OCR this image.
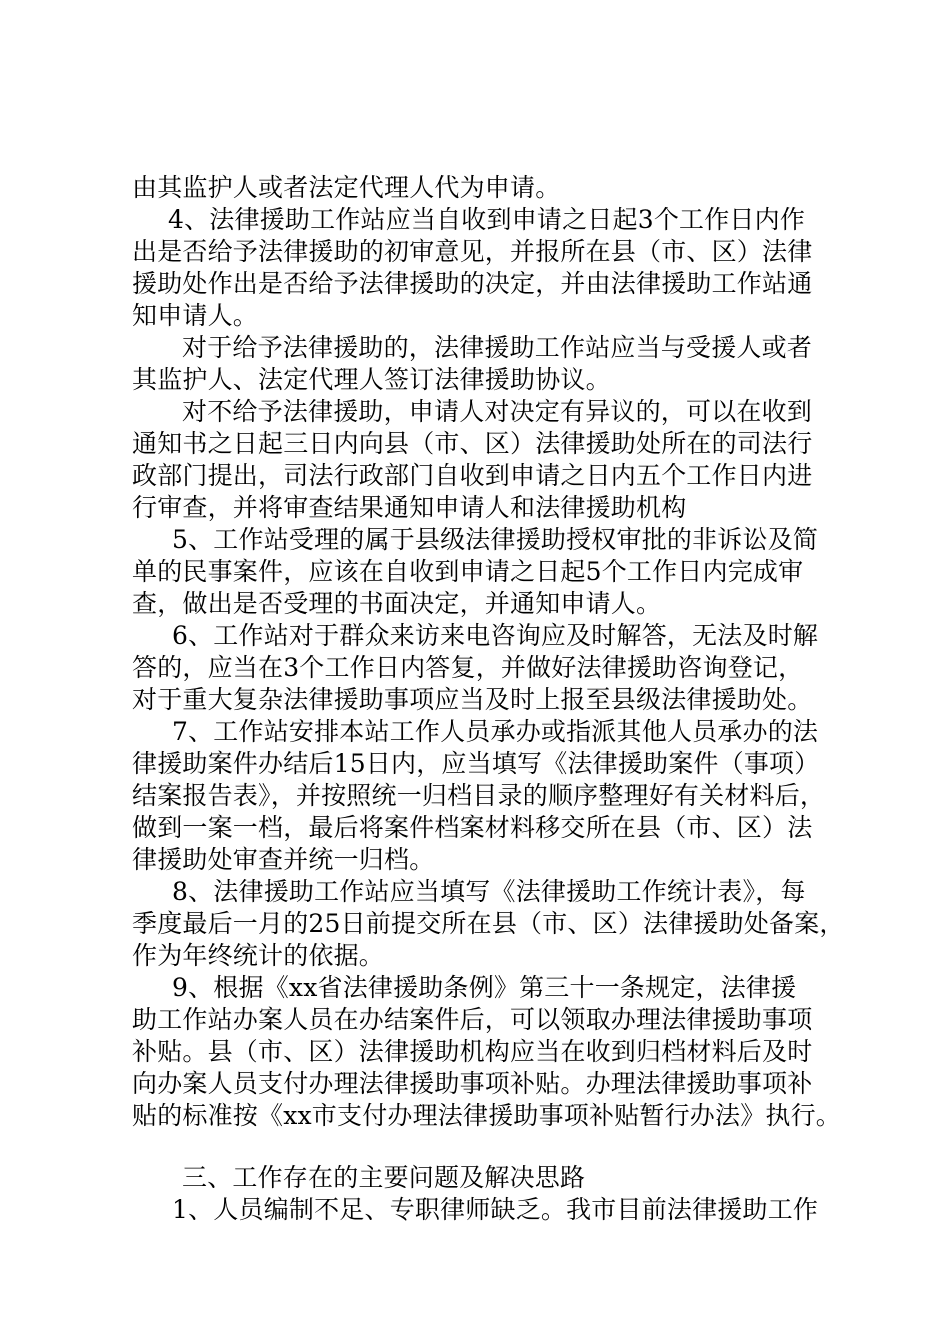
由其监护人或者法定代理人代为申请。
4、法律援助工作站应当自收到申请之日起3个工作日内作
出是否给予法律援助的初审意见，并报所在县（市、区）法律
援助处作出是否给予法律援助的决定，并由法律援助工作站通
知申请人。
对于给予法律援助的，法律援助工作站应当与受援人或者
其监护人、法定代理人签订法律援助协议。
对不给予法律援助，申请人对决定有异议的，可以在收到
通知书之日起三日内向县（市、区）法律援助处所在的司法行
政部门提出，司法行政部门自收到申请之日内五个工作日内进
行审查，并将审查结果通知申请人和法律援助机构
5、工作站受理的属于县级法律援助授权审批的非诉讼及简
单的民事案件，应该在自收到申请之日起5个工作日内完成审
查，做出是否受理的书面决定，并通知申请人。
6、工作站对于群众来访来电咨询应及时解答，无法及时解
答的，应当在3个工作日内答复，并做好法律援助咨询登记，
对于重大复杂法律援助事项应当及时上报至县级法律援助处。
7、工作站安排本站工作人员承办或指派其他人员承办的法
律援助案件办结后15日内，应当填写《法律援助案件（事项）
结案报告表》，并按照统一归档目录的顺序整理好有关材料后，
做到一案一档，最后将案件档案材料移交所在县（市、区）法
律援助处审查并统一归档。
8、法律援助工作站应当填写《法律援助工作统计表》，每
季度最后一月的25日前提交所在县（市、区）法律援助处备案，
作为年终统计的依据。
9、根据《xx省法律援助条例》第三十一条规定，法律援
助工作站办案人员在办结案件后，可以领取办理法律援助事项
补贴。县（市、区）法律援助机构应当在收到归档材料后及时
向办案人员支付办理法律援助事项补贴。办理法律援助事项补
贴的标准按《xx市支付办理法律援助事项补贴暂行办法》执行。
三、工作存在的主要问题及解决思路
1、人员编制不足、专职律师缺乏。我市目前法律援助工作
